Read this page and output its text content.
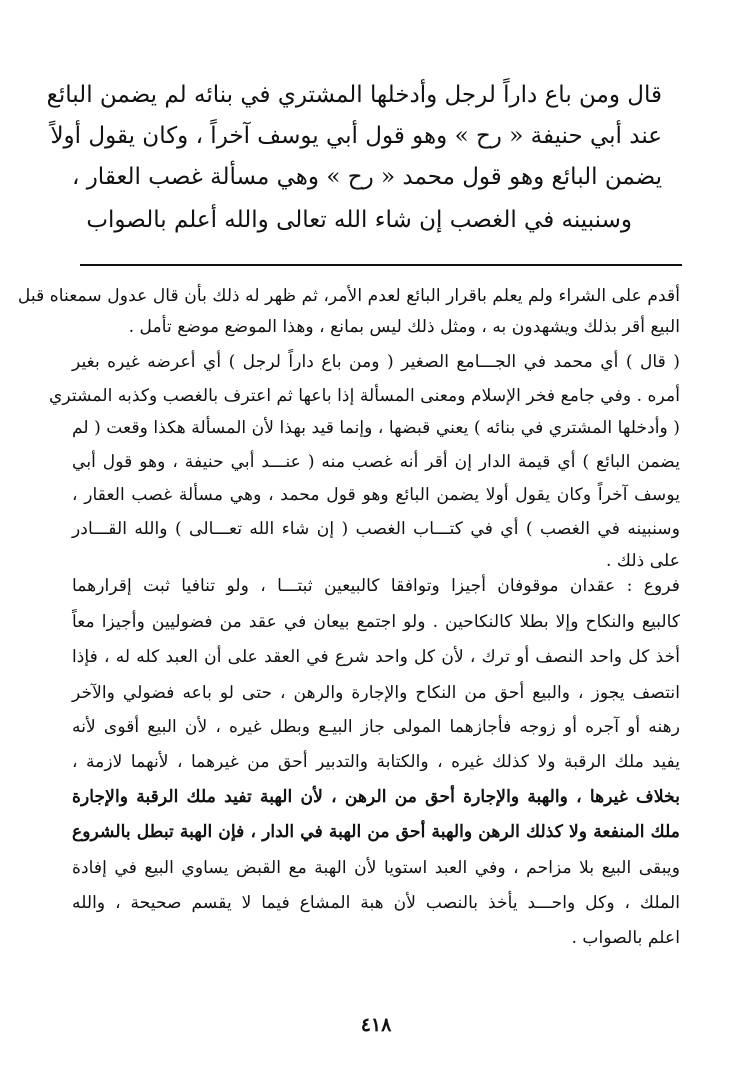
قال ومن باع داراً لرجل وأدخلها المشتري في بنائه لم يضمن البائع
عند أبي حنيفة « رح » وهو قول أبي يوسف آخراً ، وكان يقول أولاً
يضمن البائع وهو قول محمد « رح » وهي مسألة غصب العقار ،
وسنبينه في الغصب إن شاء الله تعالى والله أعلم بالصواب
أقدم على الشراء ولم يعلم باقرار البائع لعدم الأمر، ثم ظهر له ذلك بأن قال عدول سمعناه قبل
البيع أقر بذلك ويشهدون به ، ومثل ذلك ليس بمانع ، وهذا الموضع موضع تأمل .
( قال ) أي محمد في الجـــامع الصغير ( ومن باع داراً لرجل ) أي أعرضه غيره بغير
أمره . وفي جامع فخر الإسلام ومعنى المسألة إذا باعها ثم اعترف بالغصب وكذبه المشتري
( وأدخلها المشتري في بنائه ) يعني قبضها ، وإنما قيد بهذا لأن المسألة هكذا وقعت ( لم
يضمن البائع ) أي قيمة الدار إن أقر أنه غصب منه ( عنـــد أبي حنيفة ، وهو قول أبي
يوسف آخراً وكان يقول أولا يضمن البائع وهو قول محمد ، وهي مسألة غصب العقار ،
وسنبينه في الغصب ) أي في كتـــاب الغصب ( إن شاء الله تعـــالى ) والله القـــادر
على ذلك .
فروع : عقدان موقوفان أجيزا وتوافقا كالبيعين ثبتـــا ، ولو تنافيا ثبت إقرارهما
كالبيع والنكاح وإلا بطلا كالنكاحين . ولو اجتمع بيعان في عقد من فضوليين وأجيزا معاً
أخذ كل واحد النصف أو ترك ، لأن كل واحد شرع في العقد على أن العبد كله له ، فإذا
انتصف يجوز ، والبيع أحق من النكاح والإجارة والرهن ، حتى لو باعه فضولي والآخر
رهنه أو آجره أو زوجه فأجازهما المولى جاز البيـع وبطل غيره ، لأن البيع أقوى لأنه
يفيد ملك الرقبة ولا كذلك غيره ، والكتابة والتدبير أحق من غيرهما ، لأنهما لازمة ،
بخلاف غيرها ، والهبة والإجارة أحق من الرهن ، لأن الهبة تفيد ملك الرقبة والإجارة
ملك المنفعة ولا كذلك الرهن والهبة أحق من الهبة في الدار ، فإن الهبة تبطل بالشروع
ويبقى البيع بلا مزاحم ، وفي العبد استويا لأن الهبة مع القبض يساوي البيع في إفادة
الملك ، وكل واحـــد يأخذ بالنصب لأن هبة المشاع فيما لا يقسم صحيحة ، والله
اعلم بالصواب .
٤١٨
